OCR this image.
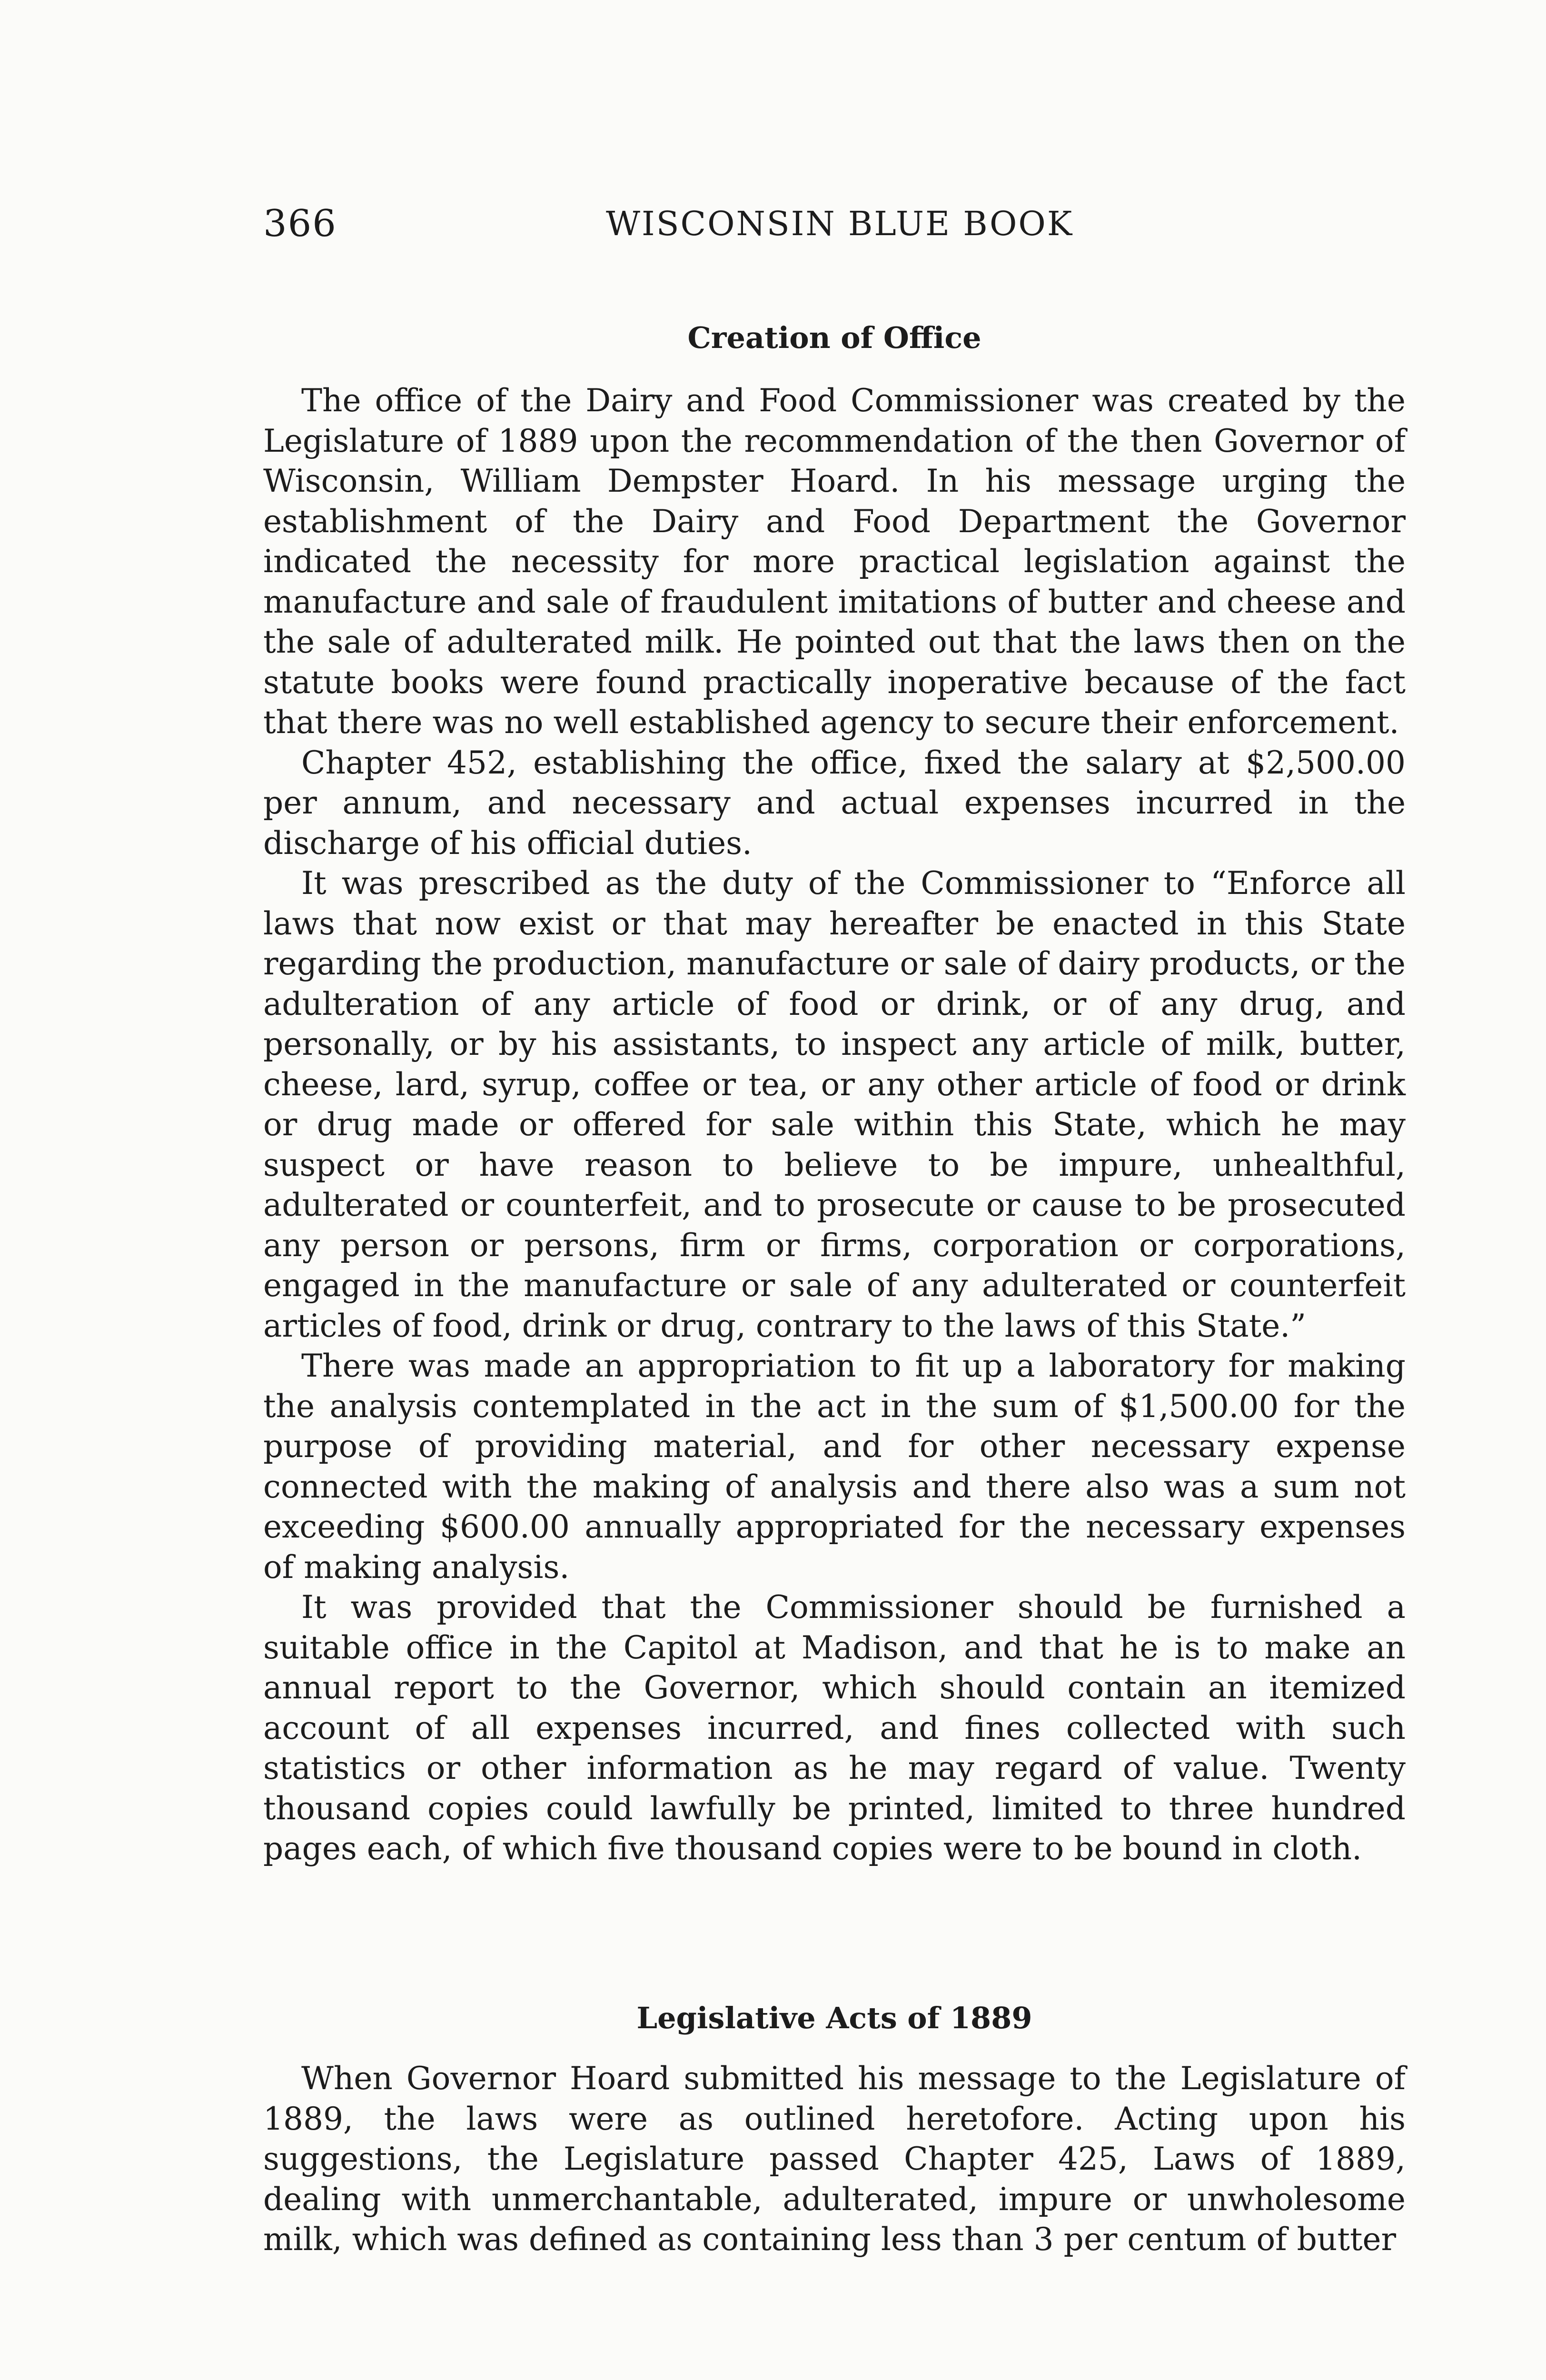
366	WISCONSIN BLUE BOOK
Creation of Office

The office of the Dairy and Food Commissioner was created by the Legislature of 1889 upon the recommendation of the then Governor of Wisconsin, William Dempster Hoard. In his message urging the establishment of the Dairy and Food Department the Governor indicated the necessity for more practical legislation against the manufacture and sale of fraudulent imitations of butter and cheese and the sale of adulterated milk. He pointed out that the laws then on the statute books were found practically inoperative because of the fact that there was no well established agency to secure their enforcement.

Chapter 452, establishing the office, fixed the salary at $2,500.00 per annum, and necessary and actual expenses incurred in the discharge of his official duties.

It was prescribed as the duty of the Commissioner to “Enforce all laws that now exist or that may hereafter be enacted in this State regarding the production, manufacture or sale of dairy products, or the adulteration of any article of food or drink, or of any drug, and personally, or by his assistants, to inspect any article of milk, butter, cheese, lard, syrup, coffee or tea, or any other article of food or drink or drug made or offered for sale within this State, which he may suspect or have reason to believe to be impure, unhealthful, adulterated or counterfeit, and to prosecute or cause to be prosecuted any person or persons, firm or firms, corporation or corporations, engaged in the manufacture or sale of any adulterated or counterfeit articles of food, drink or drug, contrary to the laws of this State.”

There was made an appropriation to fit up a laboratory for making the analysis contemplated in the act in the sum of $1,500.00 for the purpose of providing material, and for other necessary expense connected with the making of analysis and there also was a sum not exceeding $600.00 annually appropriated for the necessary expenses of making analysis.

It was provided that the Commissioner should be furnished a suitable office in the Capitol at Madison, and that he is to make an annual report to the Governor, which should contain an itemized account of all expenses incurred, and fines collected with such statistics or other information as he may regard of value. Twenty thousand copies could lawfully be printed, limited to three hundred pages each, of which five thousand copies were to be bound in cloth.

Legislative Acts of 1889

When Governor Hoard submitted his message to the Legislature of 1889, the laws were as outlined heretofore. Acting upon his suggestions, the Legislature passed Chapter 425, Laws of 1889, dealing with unmerchantable, adulterated, impure or unwholesome milk, which was defined as containing less than 3 per centum of butter
